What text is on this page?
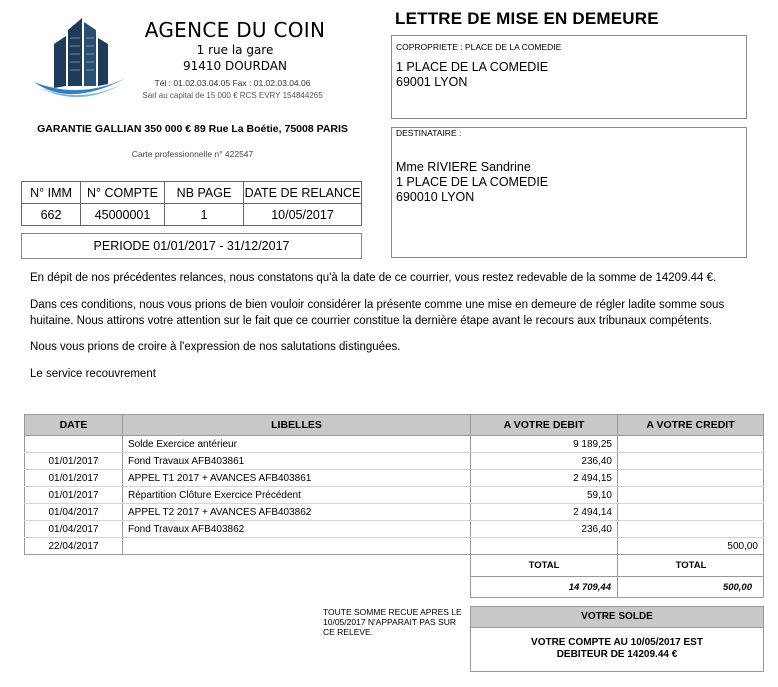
AGENCE DU COIN
1 rue la gare
91410 DOURDAN
Tél : 01.02.03.04.05 Fax : 01.02.03.04.06
Sarl au capital de 15 000 € RCS EVRY 154844265
GARANTIE GALLIAN 350 000 € 89 Rue La Boétie, 75008 PARIS
Carte professionnelle n° 422547
LETTRE DE MISE EN DEMEURE
COPROPRIETE : PLACE DE LA COMEDIE
1 PLACE DE LA COMEDIE
69001 LYON
DESTINATAIRE :
Mme RIVIERE Sandrine
1 PLACE DE LA COMEDIE
690010 LYON
N° IMM	N° COMPTE	NB PAGE	DATE DE RELANCE
662	45000001	1	10/05/2017
PERIODE 01/01/2017 - 31/12/2017
En dépit de nos précédentes relances, nous constatons qu'à la date de ce courrier, vous restez redevable de la somme de 14209.44 €.
Dans ces conditions, nous vous prions de bien vouloir considérer la présente comme une mise en demeure de régler ladite somme sous huitaine. Nous attirons votre attention sur le fait que ce courrier constitue la dernière étape avant le recours aux tribunaux compétents.
Nous vous prions de croire à l'expression de nos salutations distinguées.
Le service recouvrement
DATE	LIBELLES	A VOTRE DEBIT	A VOTRE CREDIT
	Solde Exercice antérieur	9 189,25	
01/01/2017	Fond Travaux AFB403861	236,40	
01/01/2017	APPEL T1 2017 + AVANCES AFB403861	2 494,15	
01/01/2017	Répartition Clôture Exercice Précédent	59,10	
01/04/2017	APPEL T2 2017 + AVANCES AFB403862	2 494,14	
01/04/2017	Fond Travaux AFB403862	236,40	
22/04/2017			500,00
TOTAL	TOTAL
14 709,44	500,00
TOUTE SOMME RECUE APRES LE 10/05/2017 N'APPARAIT PAS SUR CE RELEVE.
VOTRE SOLDE
VOTRE COMPTE AU 10/05/2017 EST
DEBITEUR DE 14209.44 €
